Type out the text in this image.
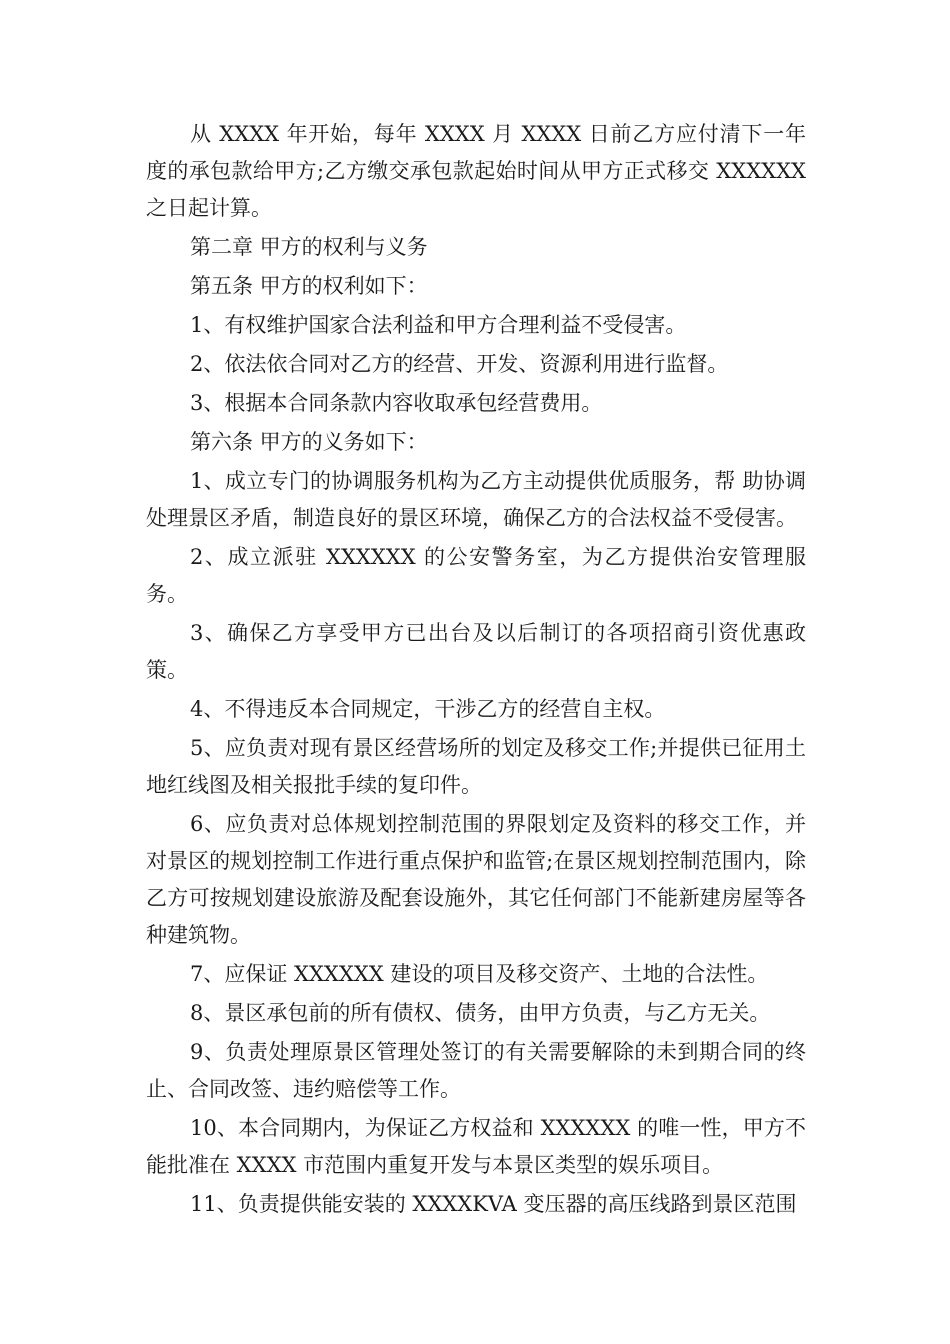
从 XXXX 年开始，每年 XXXX 月 XXXX 日前乙方应付清下一年度的承包款给甲方;乙方缴交承包款起始时间从甲方正式移交 XXXXXX 之日起计算。

第二章 甲方的权利与义务

第五条 甲方的权利如下：

1、有权维护国家合法利益和甲方合理利益不受侵害。

2、依法依合同对乙方的经营、开发、资源利用进行监督。

3、根据本合同条款内容收取承包经营费用。

第六条 甲方的义务如下：

1、成立专门的协调服务机构为乙方主动提供优质服务，帮 助协调处理景区矛盾，制造良好的景区环境，确保乙方的合法权益不受侵害。

2、成立派驻 XXXXXX 的公安警务室，为乙方提供治安管理服务。

3、确保乙方享受甲方已出台及以后制订的各项招商引资优惠政策。

4、不得违反本合同规定，干涉乙方的经营自主权。

5、应负责对现有景区经营场所的划定及移交工作;并提供已征用土地红线图及相关报批手续的复印件。

6、应负责对总体规划控制范围的界限划定及资料的移交工作，并对景区的规划控制工作进行重点保护和监管;在景区规划控制范围内，除乙方可按规划建设旅游及配套设施外，其它任何部门不能新建房屋等各种建筑物。

7、应保证 XXXXXX 建设的项目及移交资产、土地的合法性。

8、景区承包前的所有债权、债务，由甲方负责，与乙方无关。

9、负责处理原景区管理处签订的有关需要解除的未到期合同的终止、合同改签、违约赔偿等工作。

10、本合同期内，为保证乙方权益和 XXXXXX 的唯一性，甲方不能批准在 XXXX 市范围内重复开发与本景区类型的娱乐项目。

11、负责提供能安装的 XXXXKVA 变压器的高压线路到景区范围
